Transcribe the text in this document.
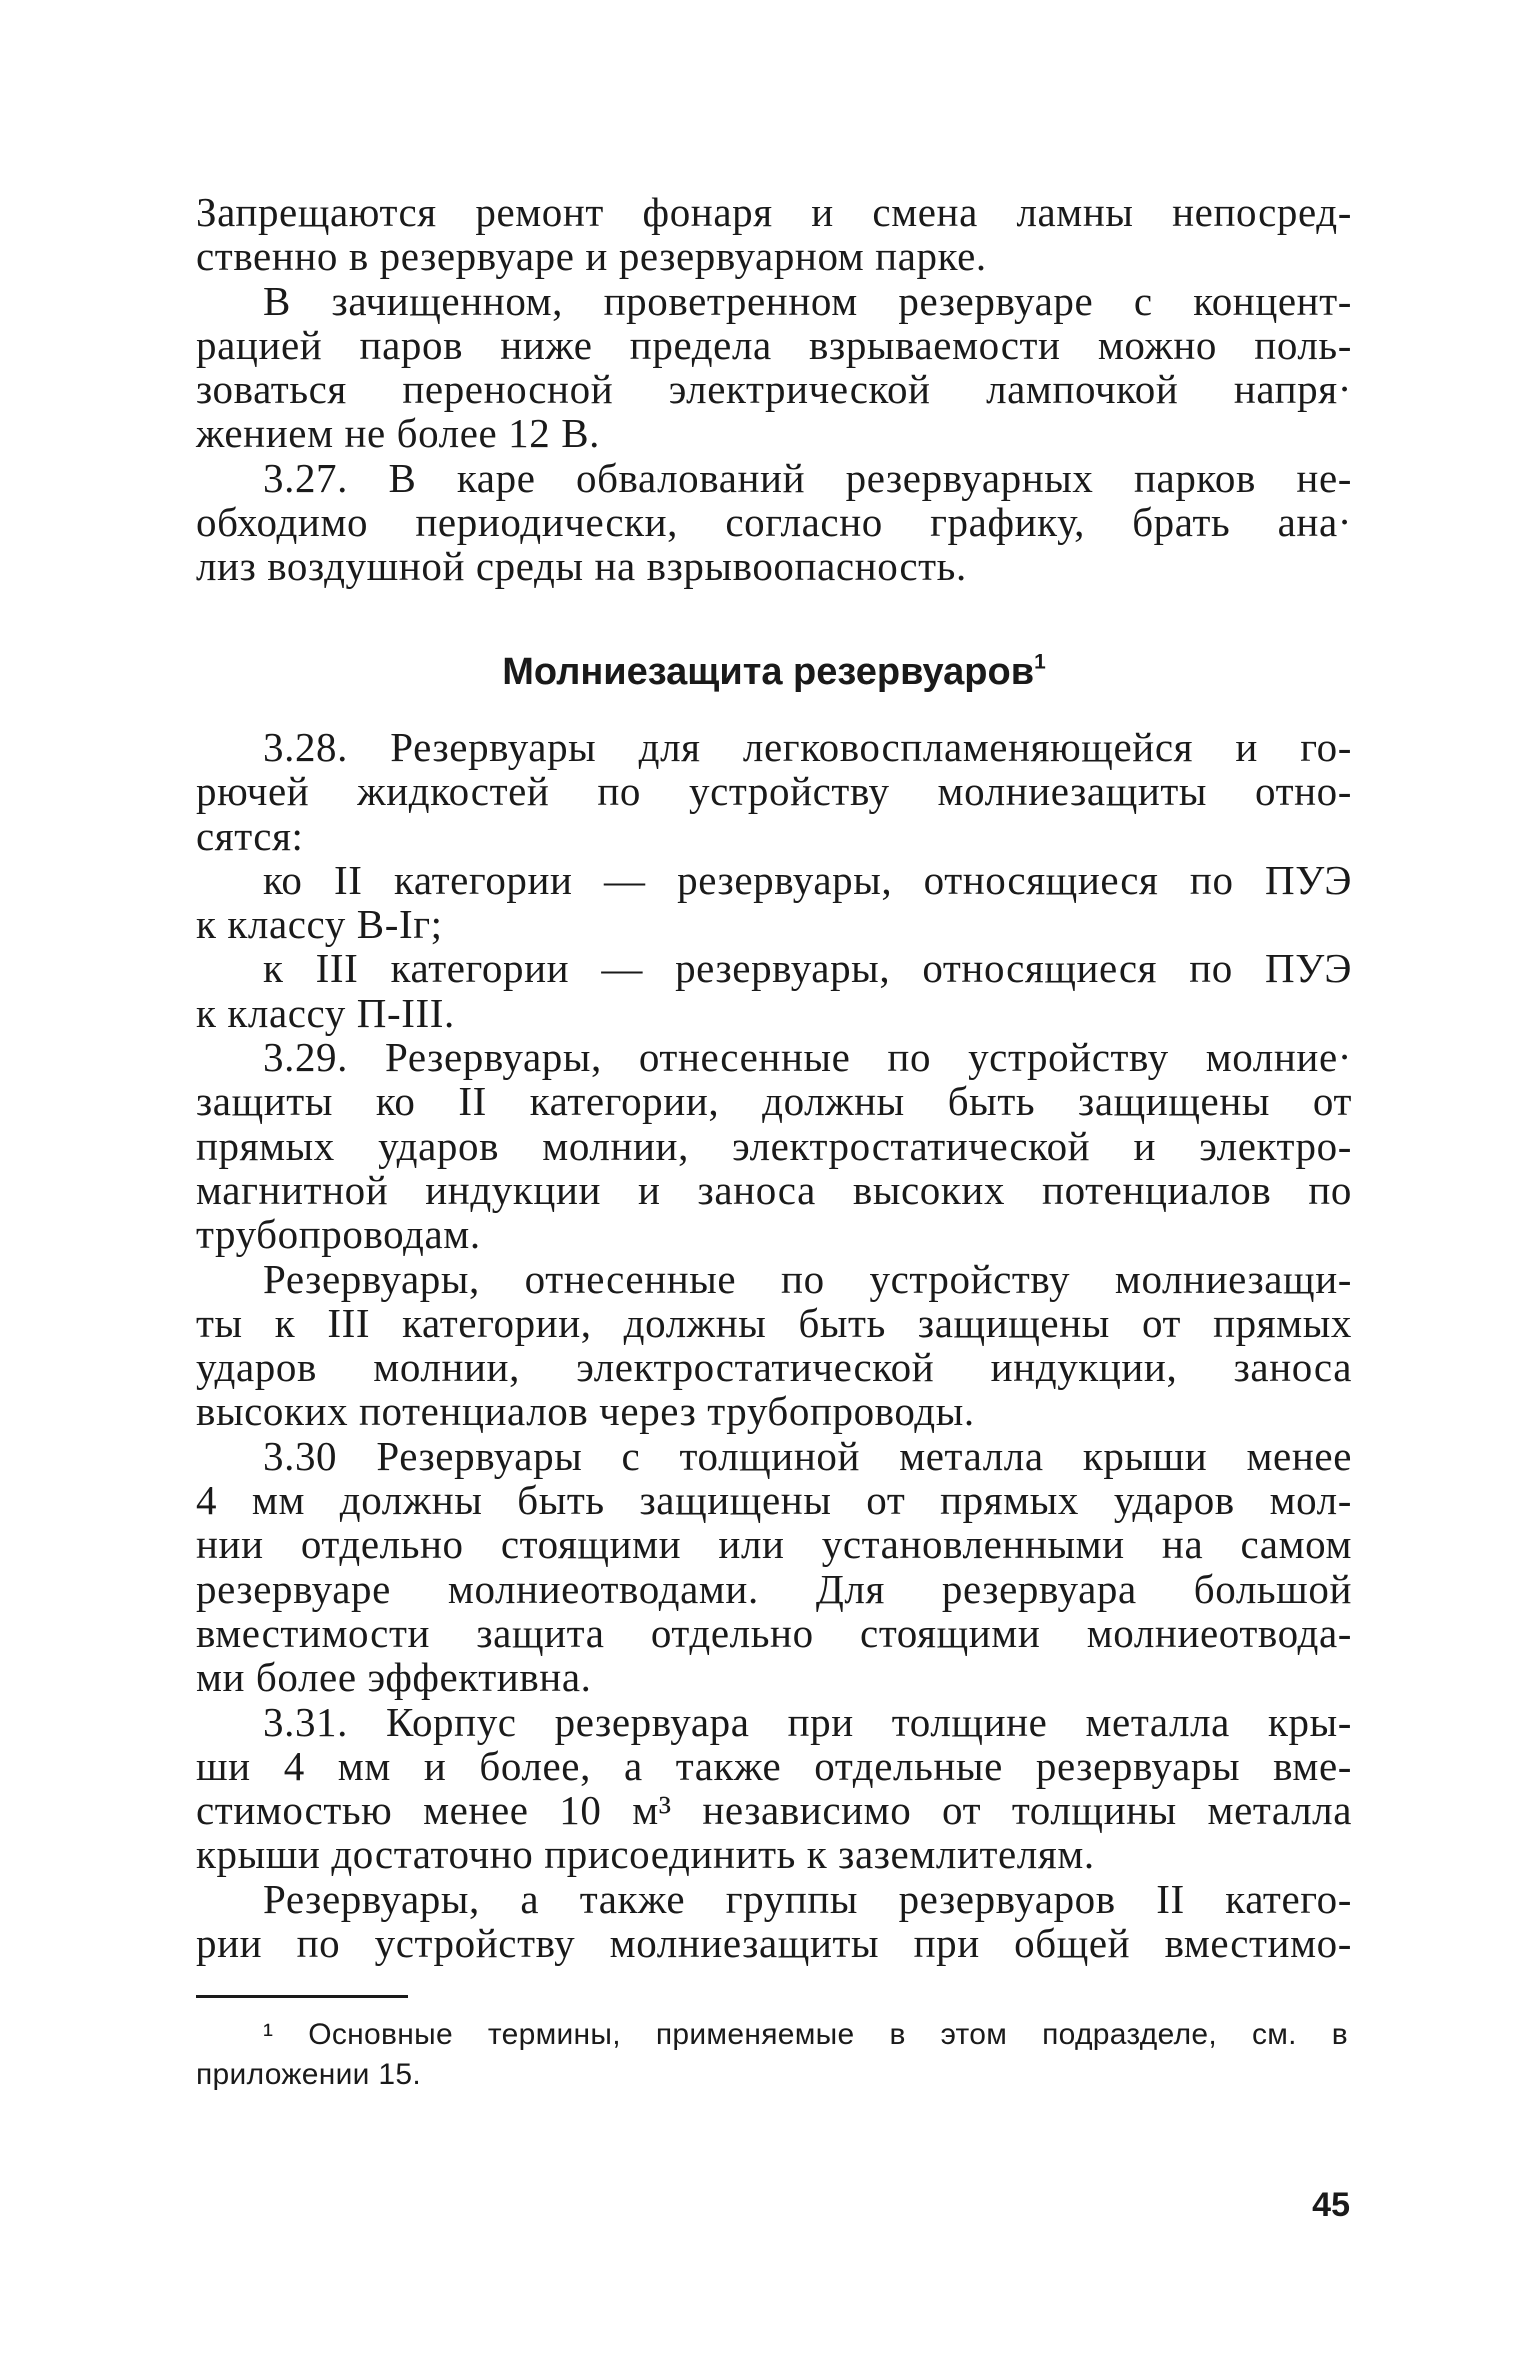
Запрещаются ремонт фонаря и смена ламны непосред-

ственно в резервуаре и резервуарном парке.

В зачищенном, проветренном резервуаре с концент-

рацией паров ниже предела взрываемости можно поль-

зоваться переносной электрической лампочкой напря·

жением не более 12 В.

3.27. В каре обвалований резервуарных парков не-

обходимо периодически, согласно графику, брать ана·

лиз воздушной среды на взрывоопасность.

Молниезащита резервуаров$^1$

3.28. Резервуары для легковоспламеняющейся и го-

рючей жидкостей по устройству молниезащиты отно-

сятся:

ко II категории — резервуары, относящиеся по ПУЭ

к классу В-Iг;

к III категории — резервуары, относящиеся по ПУЭ

к классу П-III.

3.29. Резервуары, отнесенные по устройству молние·

защиты ко II категории, должны быть защищены от

прямых ударов молнии, электростатической и электро-

магнитной индукции и заноса высоких потенциалов по

трубопроводам.

Резервуары, отнесенные по устройству молниезащи-

ты к III категории, должны быть защищены от прямых

ударов молнии, электростатической индукции, заноса

высоких потенциалов через трубопроводы.

3.30 Резервуары с толщиной металла крыши менее

4 мм должны быть защищены от прямых ударов мол-

нии отдельно стоящими или установленными на самом

резервуаре молниеотводами. Для резервуара большой

вместимости защита отдельно стоящими молниеотвода-

ми более эффективна.

3.31. Корпус резервуара при толщине металла кры-

ши 4 мм и более, а также отдельные резервуары вме-

стимостью менее 10 м³ независимо от толщины металла

крыши достаточно присоединить к заземлителям.

Резервуары, а также группы резервуаров II катего-

рии по устройству молниезащиты при общей вместимо-

¹ Основные термины, применяемые в этом подразделе, см. в

приложении 15.

45
